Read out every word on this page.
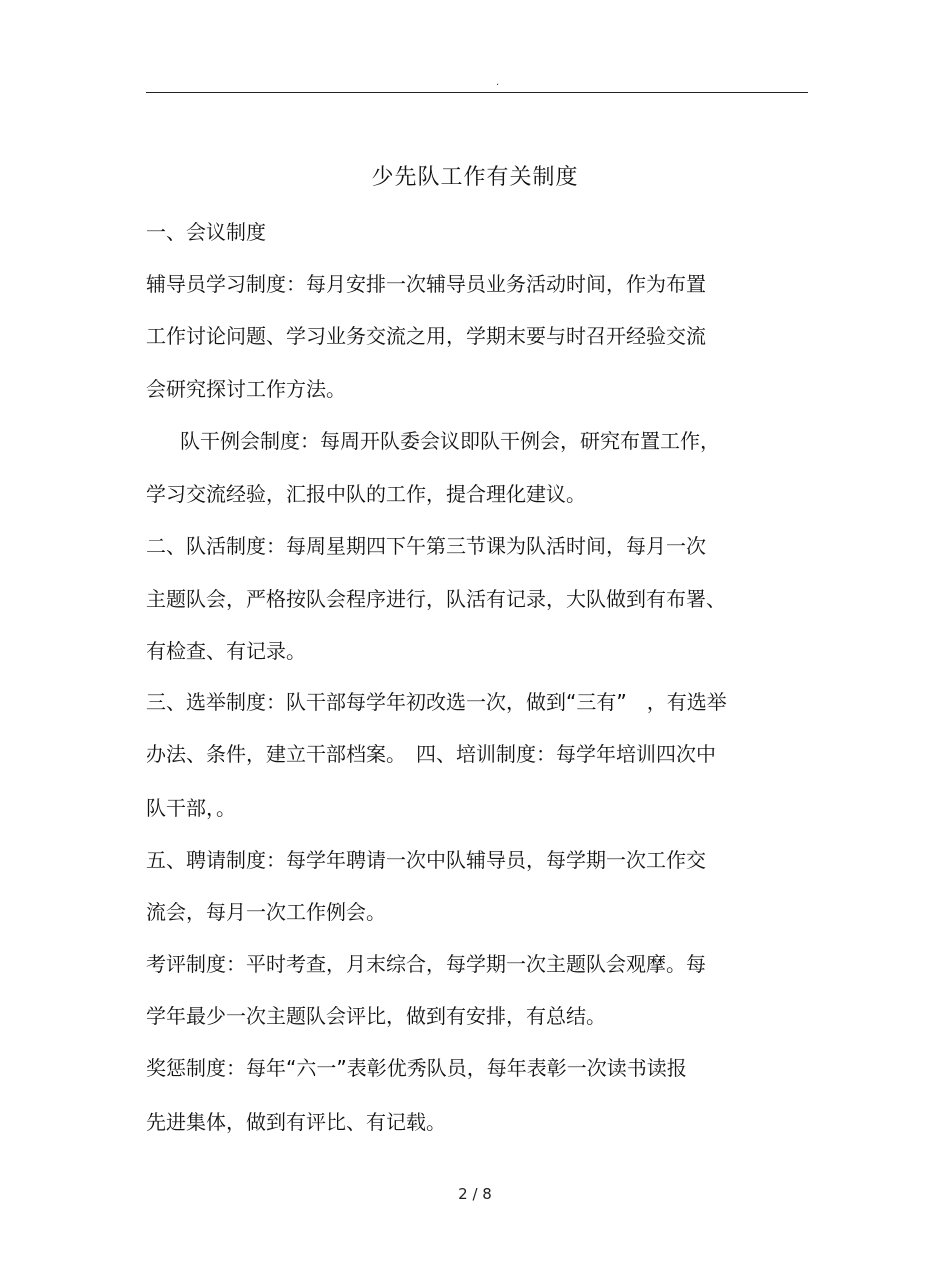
.
少先队工作有关制度
一、会议制度
辅导员学习制度：每月安排一次辅导员业务活动时间，作为布置
工作讨论问题、学习业务交流之用，学期末要与时召开经验交流
会研究探讨工作方法。
队干例会制度：每周开队委会议即队干例会，研究布置工作，
学习交流经验，汇报中队的工作，提合理化建议。
二、队活制度：每周星期四下午第三节课为队活时间，每月一次
主题队会，严格按队会程序进行，队活有记录，大队做到有布署、
有检查、有记录。
三、选举制度：队干部每学年初改选一次，做到“三有”　，有选举
办法、条件，建立干部档案。　四、培训制度：每学年培训四次中
队干部，。
五、聘请制度：每学年聘请一次中队辅导员，每学期一次工作交
流会，每月一次工作例会。
考评制度：平时考查，月末综合，每学期一次主题队会观摩。每
学年最少一次主题队会评比，做到有安排，有总结。
奖惩制度：每年“六一”表彰优秀队员，每年表彰一次读书读报
先进集体，做到有评比、有记载。
2 / 8
